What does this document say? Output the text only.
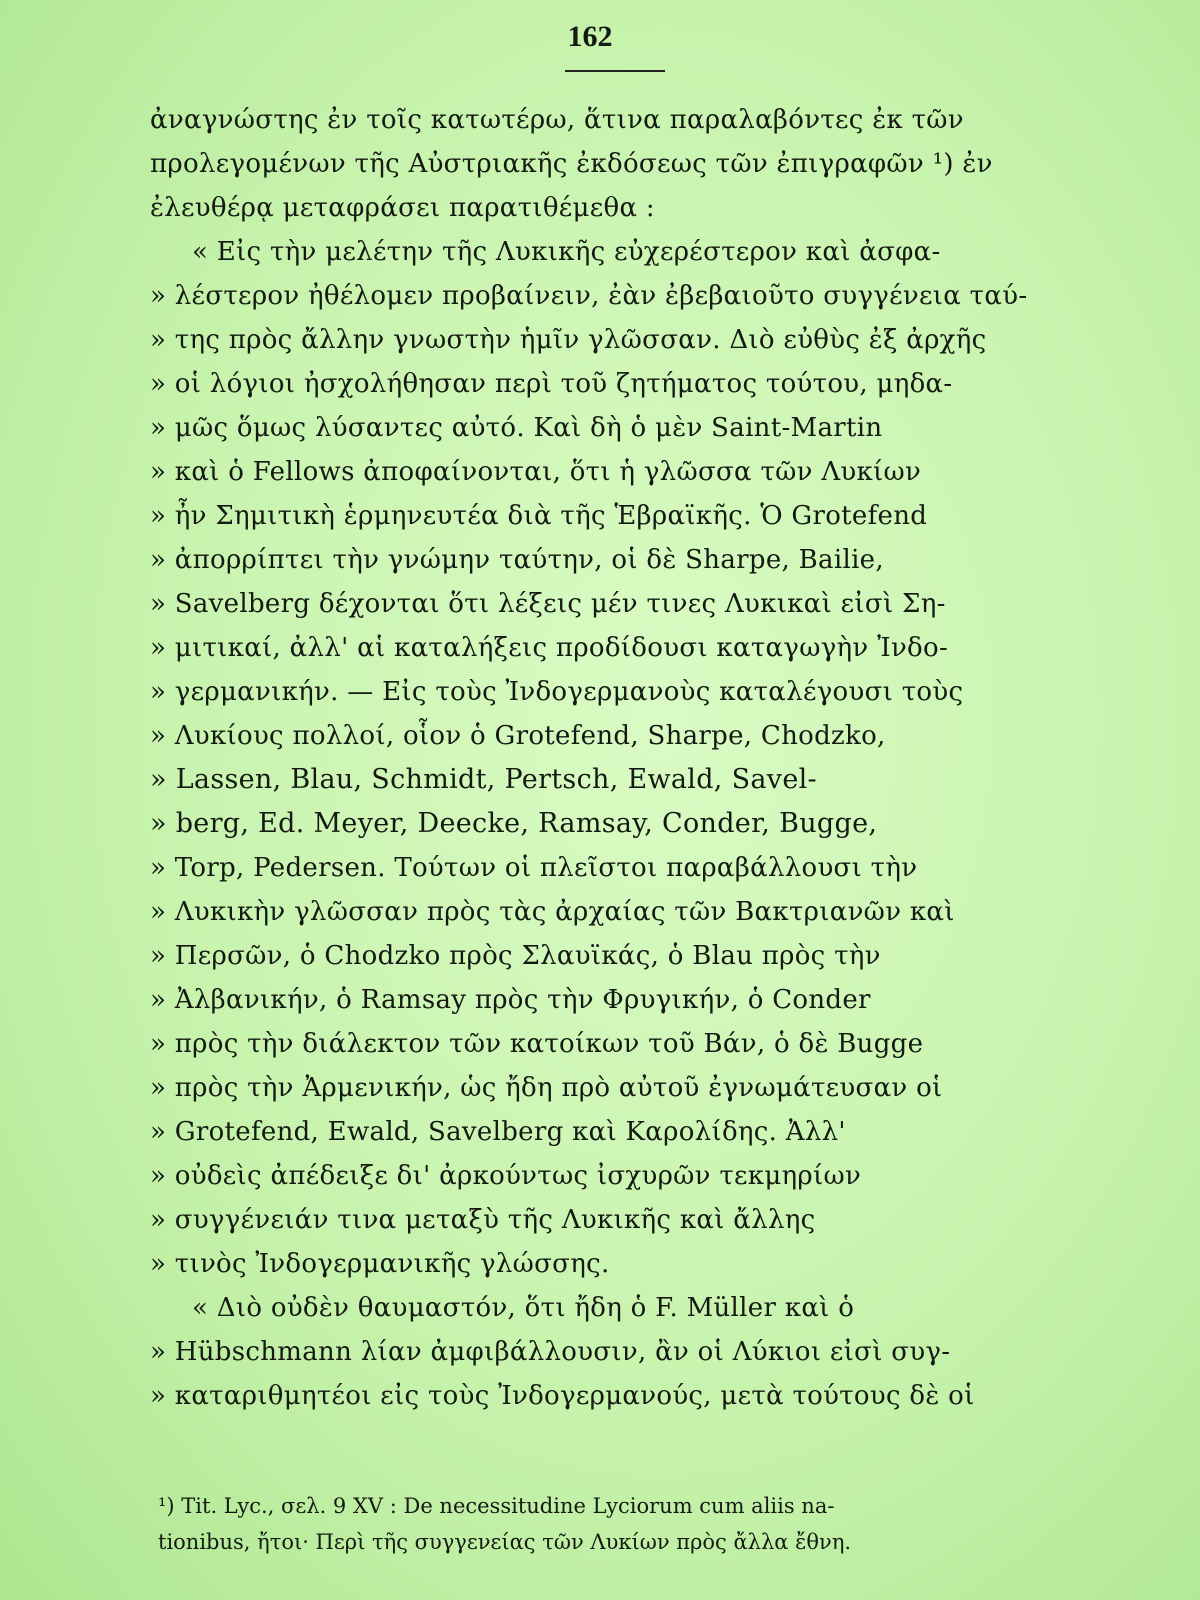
162
ἀναγνώστης ἐν τοῖς κατωτέρω, ἅτινα παραλαβόντες ἐκ τῶν
προλεγομένων τῆς Αὐστριακῆς ἐκδόσεως τῶν ἐπιγραφῶν ¹) ἐν
ἐλευθέρᾳ μεταφράσει παρατιθέμεθα :
« Εἰς τὴν μελέτην τῆς Λυκικῆς εὐχερέστερον καὶ ἀσφα-
» λέστερον ἠθέλομεν προβαίνειν, ἐὰν ἐβεβαιοῦτο συγγένεια ταύ-
» της πρὸς ἄλλην γνωστὴν ἡμῖν γλῶσσαν. Διὸ εὐθὺς ἐξ ἀρχῆς
» οἱ λόγιοι ἠσχολήθησαν περὶ τοῦ ζητήματος τούτου, μηδα-
» μῶς ὅμως λύσαντες αὐτό. Καὶ δὴ ὁ μὲν Saint-Martin
» καὶ ὁ Fellows ἀποφαίνονται, ὅτι ἡ γλῶσσα τῶν Λυκίων
» ἦν Σημιτικὴ ἑρμηνευτέα διὰ τῆς Ἑβραϊκῆς. Ὁ Grotefend
» ἀπορρίπτει τὴν γνώμην ταύτην, οἱ δὲ Sharpe, Bailie,
» Savelberg δέχονται ὅτι λέξεις μέν τινες Λυκικαὶ εἰσὶ Ση-
» μιτικαί, ἀλλ' αἱ καταλήξεις προδίδουσι καταγωγὴν Ἰνδο-
» γερμανικήν. — Εἰς τοὺς Ἰνδογερμανοὺς καταλέγουσι τοὺς
» Λυκίους πολλοί, οἷον ὁ Grotefend, Sharpe, Chodzko,
» Lassen, Blau, Schmidt, Pertsch, Ewald, Savel-
» berg, Ed. Meyer, Deecke, Ramsay, Conder, Bugge,
» Torp, Pedersen. Τούτων οἱ πλεῖστοι παραβάλλουσι τὴν
» Λυκικὴν γλῶσσαν πρὸς τὰς ἀρχαίας τῶν Βακτριανῶν καὶ
» Περσῶν, ὁ Chodzko πρὸς Σλαυϊκάς, ὁ Blau πρὸς τὴν
» Ἀλβανικήν, ὁ Ramsay πρὸς τὴν Φρυγικήν, ὁ Conder
» πρὸς τὴν διάλεκτον τῶν κατοίκων τοῦ Βάν, ὁ δὲ Bugge
» πρὸς τὴν Ἀρμενικήν, ὡς ἤδη πρὸ αὐτοῦ ἐγνωμάτευσαν οἱ
» Grotefend, Ewald, Savelberg καὶ Καρολίδης. Ἀλλ'
» οὐδεὶς ἀπέδειξε δι' ἀρκούντως ἰσχυρῶν τεκμηρίων
» συγγένειάν τινα μεταξὺ τῆς Λυκικῆς καὶ ἄλλης
» τινὸς Ἰνδογερμανικῆς γλώσσης.
« Διὸ οὐδὲν θαυμαστόν, ὅτι ἤδη ὁ F. Müller καὶ ὁ
» Hübschmann λίαν ἀμφιβάλλουσιν, ἂν οἱ Λύκιοι εἰσὶ συγ-
» καταριθμητέοι εἰς τοὺς Ἰνδογερμανούς, μετὰ τούτους δὲ οἱ
¹) Tit. Lyc., σελ. 9 XV : De necessitudine Lyciorum cum aliis na-
tionibus, ἤτοι· Περὶ τῆς συγγενείας τῶν Λυκίων πρὸς ἄλλα ἔθνη.
